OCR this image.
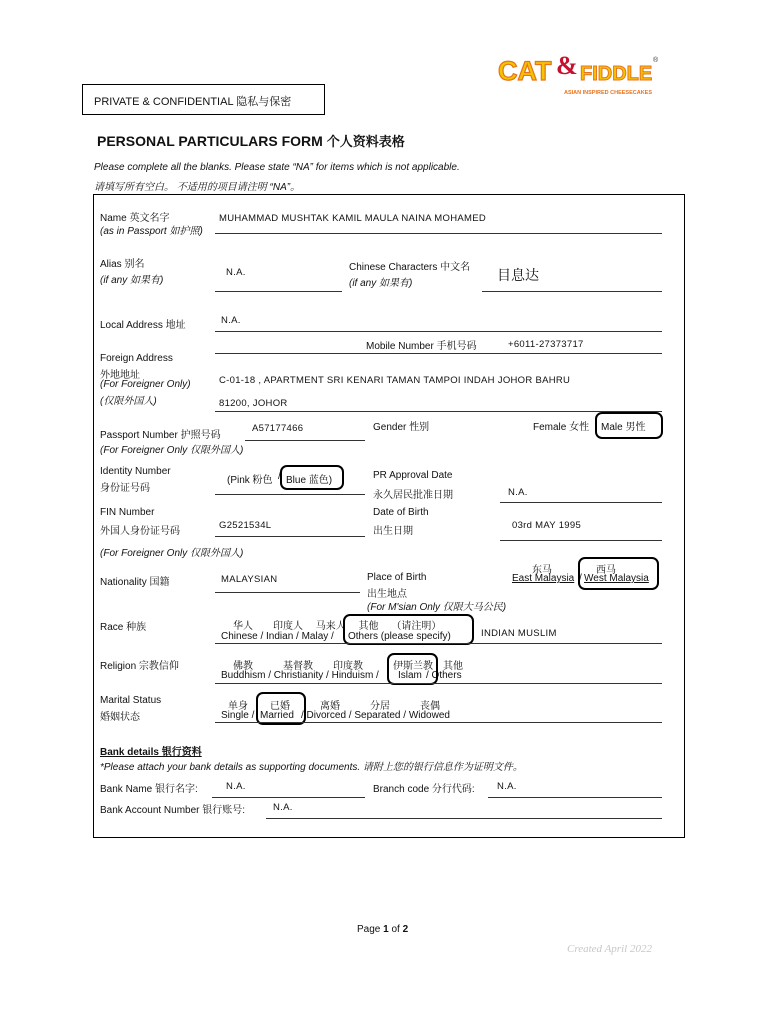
CAT &
the
FIDDLE
®
ASIAN INSPIRED CHEESECAKES
PRIVATE & CONFIDENTIAL 隐私与保密
PERSONAL PARTICULARS FORM 个人资料表格
Please complete all the blanks. Please state “NA” for items which is not applicable.
请填写所有空白。 不适用的项目请注明 “NA”。
Name 英文名字
(as in Passport 如护照)
MUHAMMAD MUSHTAK KAMIL MAULA NAINA MOHAMED
Alias 别名
(if any 如果有)
N.A.	Chinese Characters 中文名
(if any 如果有)
目息达
Local Address 地址	N.A.
Mobile Number 手机号码	+6011-27373717
Foreign Address
外地地址
(For Foreigner Only)
(仅限外国人)
C-01-18 , APARTMENT SRI KENARI TAMAN TAMPOI INDAH JOHOR BAHRU
81200, JOHOR
Passport Number 护照号码
(For Foreigner Only 仅限外国人)
A57177466	Gender 性别	Female 女性 Male 男性
Identity Number
身份证号码
(Pink 粉色 / Blue 蓝色)	PR Approval Date
永久居民批准日期	N.A.
FIN Number
外国人身份证号码
G2521534L
(For Foreigner Only 仅限外国人)
Date of Birth
出生日期
03rd MAY 1995
Nationality 国籍	MALAYSIAN	Place of Birth
出生地点
(For M'sian Only 仅限大马公民)
东马	西马
East Malaysia / West Malaysia
Race 种族	华人　　印度人　 马来人　 其他　 （请注明）
Chinese / Indian / Malay / Others (please specify)	INDIAN MUSLIM
Religion 宗教信仰	佛教　　　基督教　　印度教	伊斯兰教 其他
Buddhism / Christianity / Hinduism / Islam / Others
Marital Status
婚姻状态
单身 已婚	离婚　　　分居　　　丧偶
Single / Married / Divorced / Separated / Widowed
Bank details 银行资料
*Please attach your bank details as supporting documents. 请附上您的银行信息作为证明文件。
Bank Name 银行名字:	N.A.	Branch code 分行代码: N.A.
Bank Account Number 银行账号:	N.A.
Page 1 of 2
Created April 2022
